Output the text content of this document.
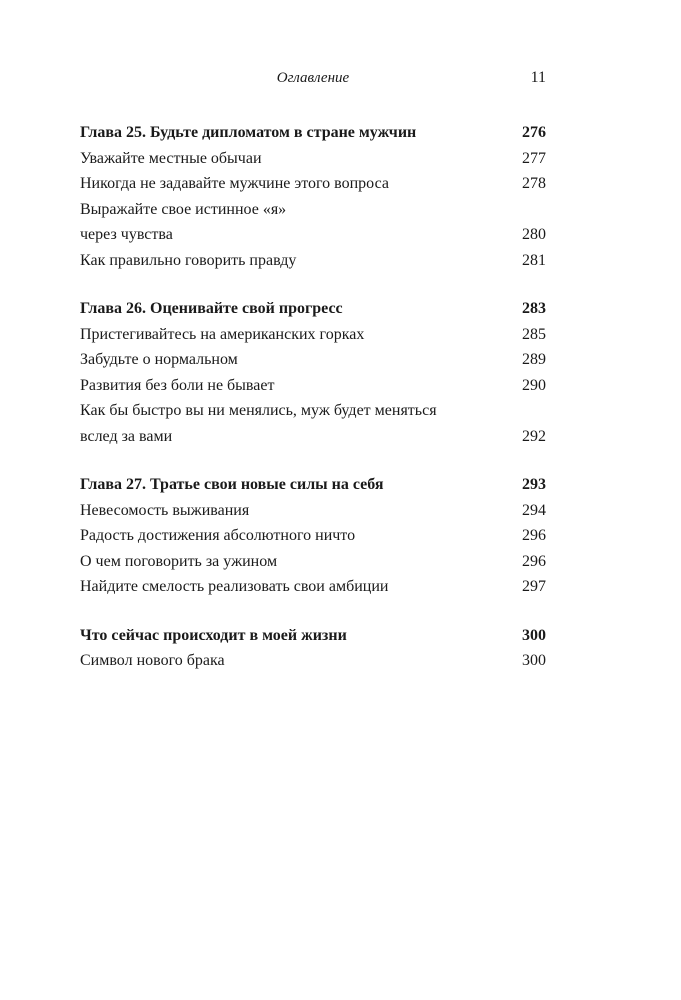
Оглавление	11
Глава 25. Будьте дипломатом в стране мужчин	276
Уважайте местные обычаи	277
Никогда не задавайте мужчине этого вопроса	278
Выражайте свое истинное «я»
через чувства	280
Как правильно говорить правду	281
Глава 26. Оценивайте свой прогресс	283
Пристегивайтесь на американских горках	285
Забудьте о нормальном	289
Развития без боли не бывает	290
Как бы быстро вы ни менялись, муж будет меняться
вслед за вами	292
Глава 27. Тратье свои новые силы на себя	293
Невесомость выживания	294
Радость достижения абсолютного ничто	296
О чем поговорить за ужином	296
Найдите смелость реализовать свои амбиции	297
Что сейчас происходит в моей жизни	300
Символ нового брака	300
